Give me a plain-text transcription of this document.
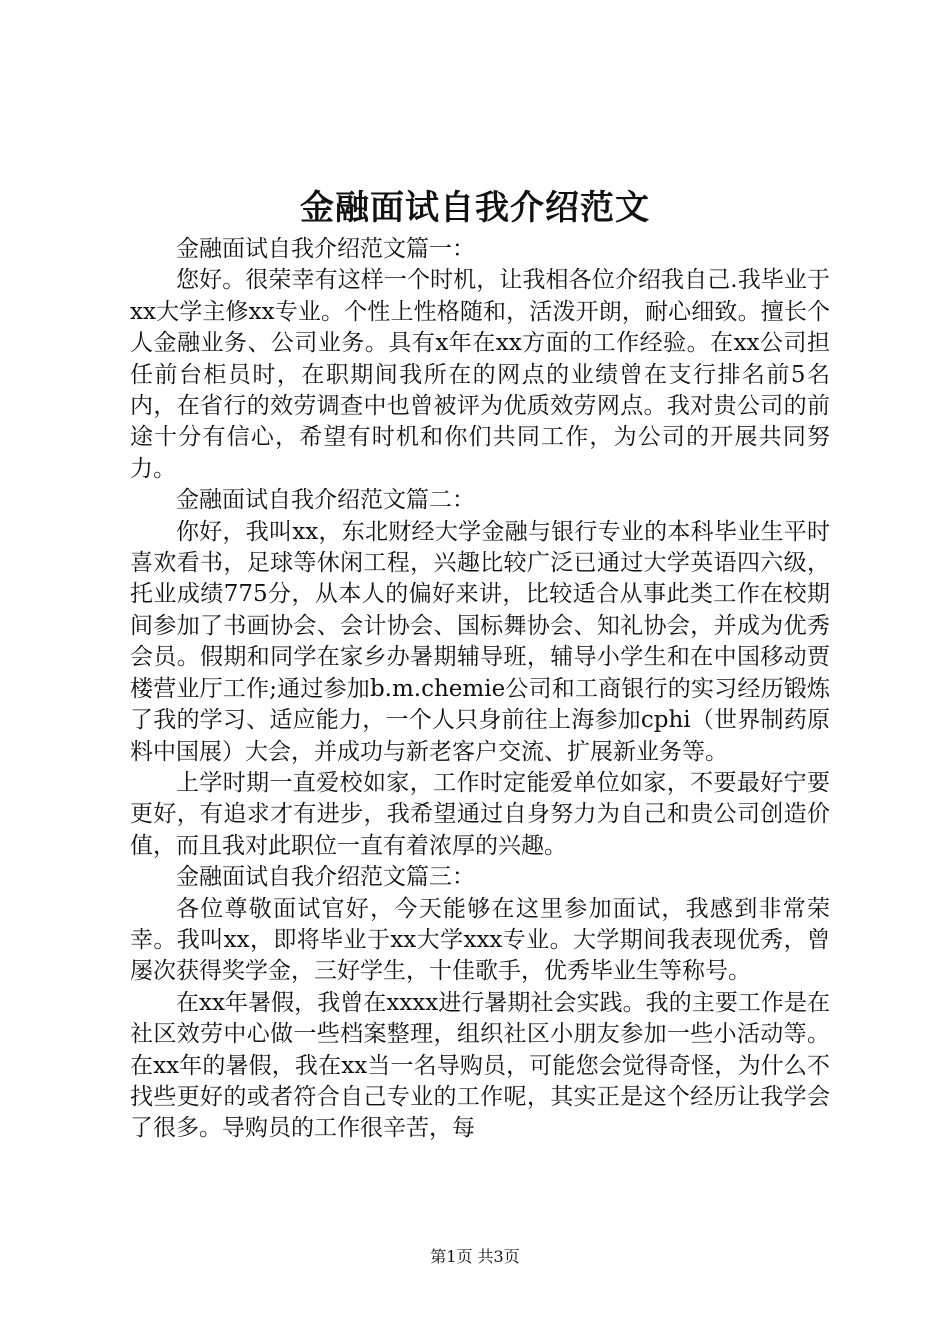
金融面试自我介绍范文

金融面试自我介绍范文篇一：

您好。很荣幸有这样一个时机，让我相各位介绍我自己.我毕业于xx大学主修xx专业。个性上性格随和，活泼开朗，耐心细致。擅长个人金融业务、公司业务。具有x年在xx方面的工作经验。在xx公司担任前台柜员时，在职期间我所在的网点的业绩曾在支行排名前5名内，在省行的效劳调查中也曾被评为优质效劳网点。我对贵公司的前途十分有信心，希望有时机和你们共同工作，为公司的开展共同努力。

金融面试自我介绍范文篇二：

你好，我叫xx，东北财经大学金融与银行专业的本科毕业生平时喜欢看书，足球等休闲工程，兴趣比较广泛已通过大学英语四六级，托业成绩775分，从本人的偏好来讲，比较适合从事此类工作在校期间参加了书画协会、会计协会、国标舞协会、知礼协会，并成为优秀会员。假期和同学在家乡办暑期辅导班，辅导小学生和在中国移动贾楼营业厅工作;通过参加b.m.chemie公司和工商银行的实习经历锻炼了我的学习、适应能力，一个人只身前往上海参加cphi（世界制药原料中国展）大会，并成功与新老客户交流、扩展新业务等。

上学时期一直爱校如家，工作时定能爱单位如家，不要最好宁要更好，有追求才有进步，我希望通过自身努力为自己和贵公司创造价值，而且我对此职位一直有着浓厚的兴趣。

金融面试自我介绍范文篇三：

各位尊敬面试官好，今天能够在这里参加面试，我感到非常荣幸。我叫xx，即将毕业于xx大学xxx专业。大学期间我表现优秀，曾屡次获得奖学金，三好学生，十佳歌手，优秀毕业生等称号。

在xx年暑假，我曾在xxxx进行暑期社会实践。我的主要工作是在社区效劳中心做一些档案整理，组织社区小朋友参加一些小活动等。在xx年的暑假，我在xx当一名导购员，可能您会觉得奇怪，为什么不找些更好的或者符合自己专业的工作呢，其实正是这个经历让我学会了很多。导购员的工作很辛苦，每

第1页 共3页
